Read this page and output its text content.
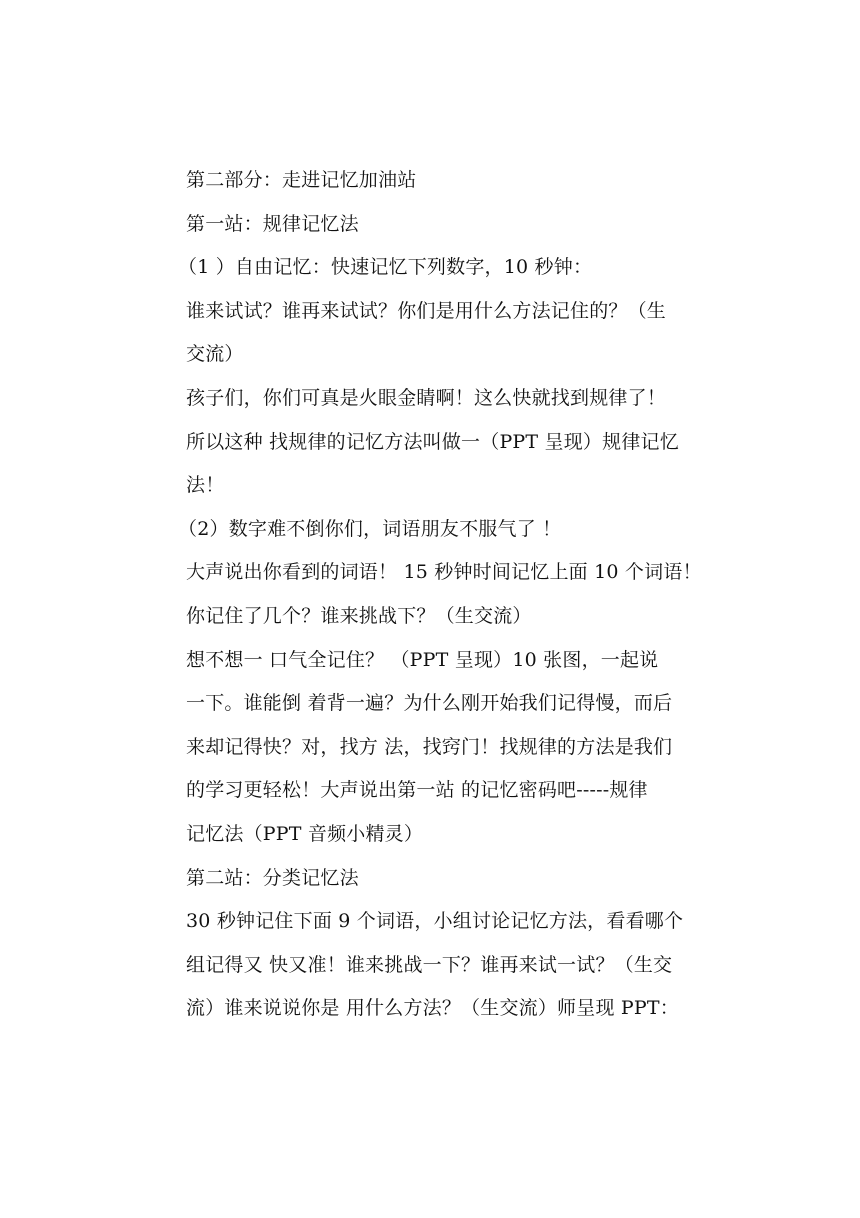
第二部分：走进记忆加油站
第一站：规律记忆法
（1 ）自由记忆：快速记忆下列数字，10 秒钟：
谁来试试？谁再来试试？你们是用什么方法记住的？（生
交流）
孩子们，你们可真是火眼金睛啊！这么快就找到规律了！
所以这种 找规律的记忆方法叫做一（PPT 呈现）规律记忆
法！
（2）数字难不倒你们，词语朋友不服气了 ！
大声说出你看到的词语！ 15 秒钟时间记忆上面 10 个词语！
你记住了几个？谁来挑战下？（生交流）
想不想一 口气全记住？ （PPT 呈现）10 张图，一起说
一下。谁能倒 着背一遍？为什么刚开始我们记得慢，而后
来却记得快？对，找方 法，找窍门！找规律的方法是我们
的学习更轻松！大声说出第一站 的记忆密码吧-----规律
记忆法（PPT 音频小精灵）
第二站：分类记忆法
30 秒钟记住下面 9 个词语，小组讨论记忆方法，看看哪个
组记得又 快又准！谁来挑战一下？谁再来试一试？（生交
流）谁来说说你是 用什么方法？（生交流）师呈现 PPT：
